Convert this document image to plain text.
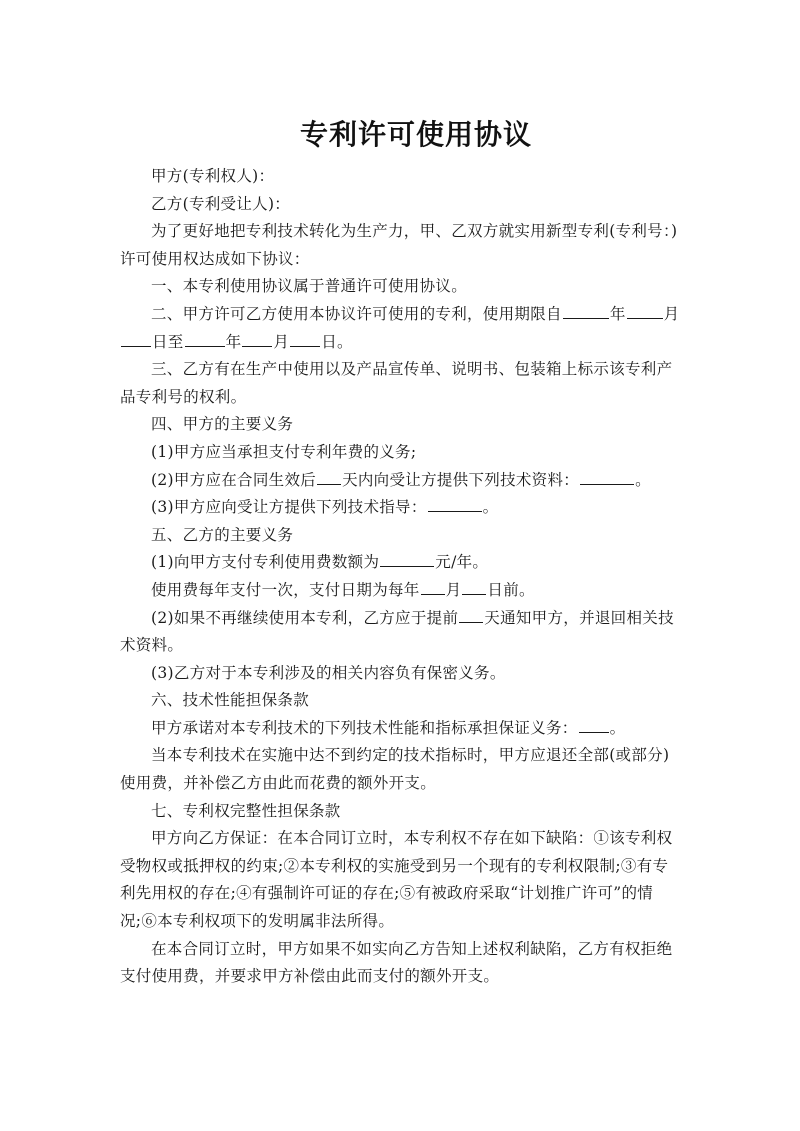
专利许可使用协议

甲方(专利权人)：

乙方(专利受让人)：

为了更好地把专利技术转化为生产力，甲、乙双方就实用新型专利(专利号：)许可使用权达成如下协议：

一、本专利使用协议属于普通许可使用协议。

二、甲方许可乙方使用本协议许可使用的专利，使用期限自	年 月日至	年 月 日。

三、乙方有在生产中使用以及产品宣传单、说明书、包装箱上标示该专利产品专利号的权利。

四、甲方的主要义务

(1)甲方应当承担支付专利年费的义务;

(2)甲方应在合同生效后 天内向受让方提供下列技术资料：	。

(3)甲方应向受让方提供下列技术指导：	。

五、乙方的主要义务

(1)向甲方支付专利使用费数额为	元/年。

使用费每年支付一次，支付日期为每年 月 日前。

(2)如果不再继续使用本专利，乙方应于提前 天通知甲方，并退回相关技术资料。

(3)乙方对于本专利涉及的相关内容负有保密义务。

六、技术性能担保条款

甲方承诺对本专利技术的下列技术性能和指标承担保证义务： 。

当本专利技术在实施中达不到约定的技术指标时，甲方应退还全部(或部分)使用费，并补偿乙方由此而花费的额外开支。

七、专利权完整性担保条款

甲方向乙方保证：在本合同订立时，本专利权不存在如下缺陷：①该专利权受物权或抵押权的约束;②本专利权的实施受到另一个现有的专利权限制;③有专利先用权的存在;④有强制许可证的存在;⑤有被政府采取“计划推广许可”的情况;⑥本专利权项下的发明属非法所得。

在本合同订立时，甲方如果不如实向乙方告知上述权利缺陷，乙方有权拒绝支付使用费，并要求甲方补偿由此而支付的额外开支。
